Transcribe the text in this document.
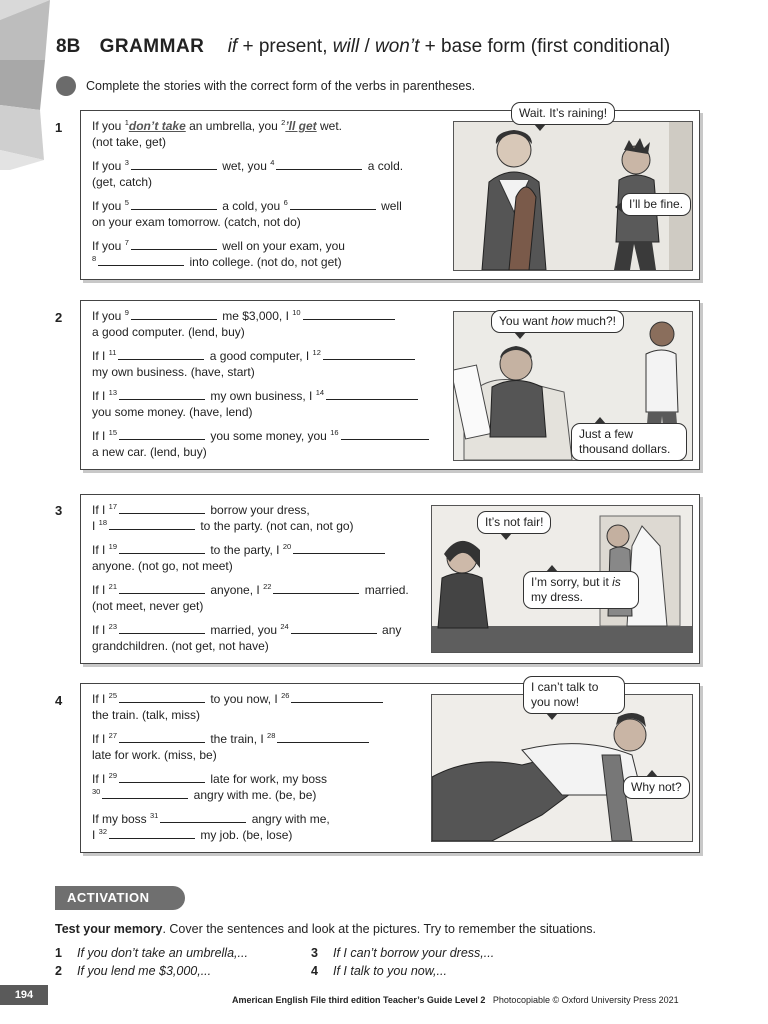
8B GRAMMAR if + present, will / won’t + base form (first conditional)
Complete the stories with the correct form of the verbs in parentheses.
1 If you $^1$don’t take an umbrella, you $^2$’ll get wet.

(not take, get)

If you $^3$	wet, you $^4$	a cold.

(get, catch)

If you $^5$	a cold, you $^6$	well

on your exam tomorrow. (catch, not do)

If you $^7$	well on your exam, you

$^8$	into college. (not do, not get)

Wait. It’s raining!
I’ll be fine.
2 If you $^9$	me $3,000, I $^{10}$

a good computer. (lend, buy)

If I $^{11}$	a good computer, I $^{12}$

my own business. (have, start)

If I $^{13}$	my own business, I $^{14}$

you some money. (have, lend)

If I $^{15}$	you some money, you $^{16}$

a new car. (lend, buy)

You want how much?!
Just a few thousand dollars.
3 If I $^{17}$	borrow your dress,

I $^{18}$	to the party. (not can, not go)

If I $^{19}$	to the party, I $^{20}$

anyone. (not go, not meet)

If I $^{21}$	anyone, I $^{22}$	married.

(not meet, never get)

If I $^{23}$	married, you $^{24}$	any

grandchildren. (not get, not have)

It’s not fair!
I’m sorry, but it is my dress.
4 If I $^{25}$	to you now, I $^{26}$

the train. (talk, miss)

If I $^{27}$	the train, I $^{28}$

late for work. (miss, be)

If I $^{29}$	late for work, my boss

$^{30}$	angry with me. (be, be)

If my boss $^{31}$	angry with me,

I $^{32}$	my job. (be, lose)

I can’t talk to you now!
Why not?
ACTIVATION
Test your memory. Cover the sentences and look at the pictures. Try to remember the situations.
1 If you don’t take an umbrella,...
2 If you lend me $3,000,...
3 If I can’t borrow your dress,...
4 If I talk to you now,...
194	American English File third edition Teacher’s Guide Level 2 Photocopiable © Oxford University Press 2021
